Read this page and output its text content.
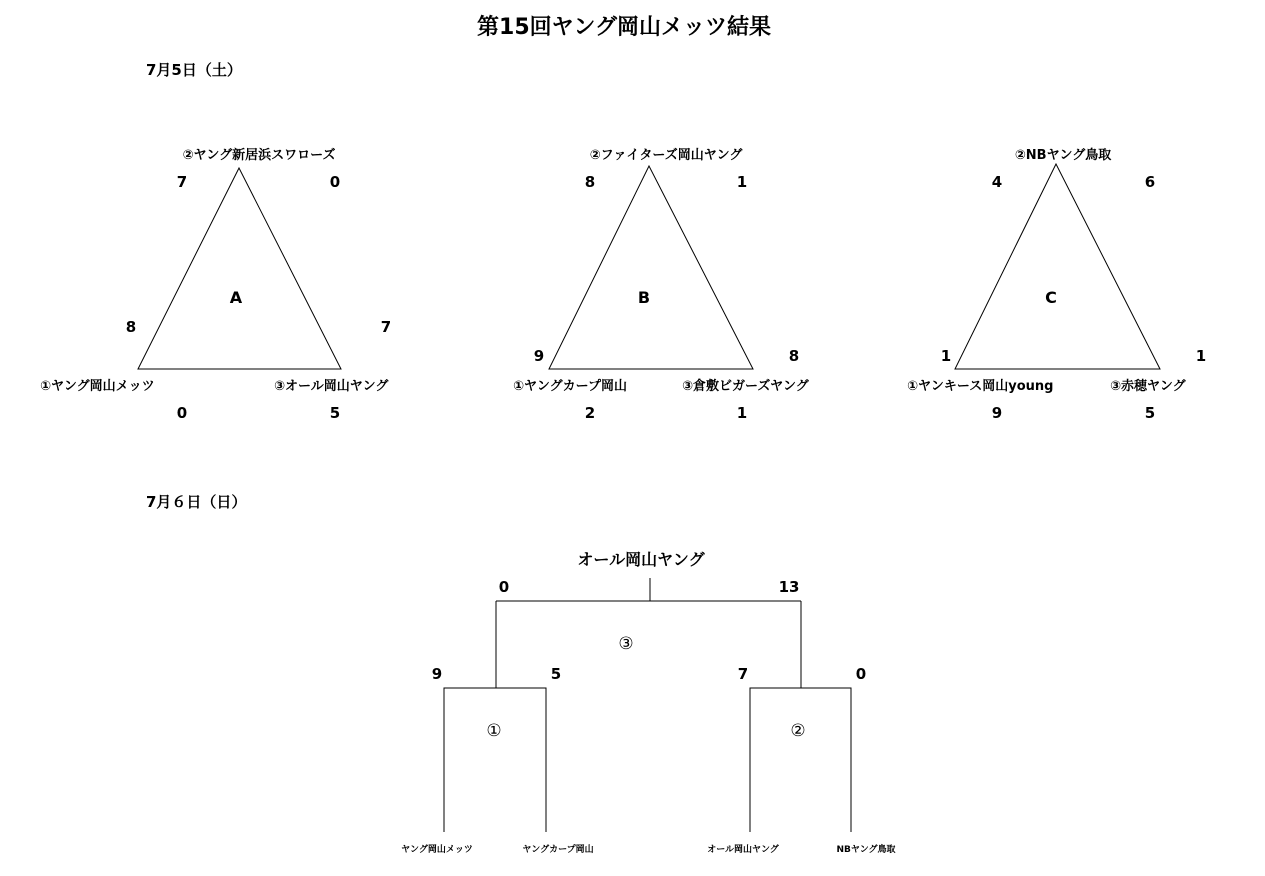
第15回ヤング岡山メッツ結果
7月5日（土）
②ヤング新居浜スワローズ
7	0
A
8	7
①ヤング岡山メッツ	③オール岡山ヤング
0	5
②ファイターズ岡山ヤング
8	1
B
9	8
①ヤングカープ岡山	③倉敷ビガーズヤング
2	1
②NBヤング鳥取
4	6
C
1	1
①ヤンキース岡山young	③赤穂ヤング
9	5
7月６日（日）
オール岡山ヤング
0	13
③
9	5
①
ヤング岡山メッツ	ヤングカープ岡山
7	0
②
オール岡山ヤング	NBヤング鳥取
